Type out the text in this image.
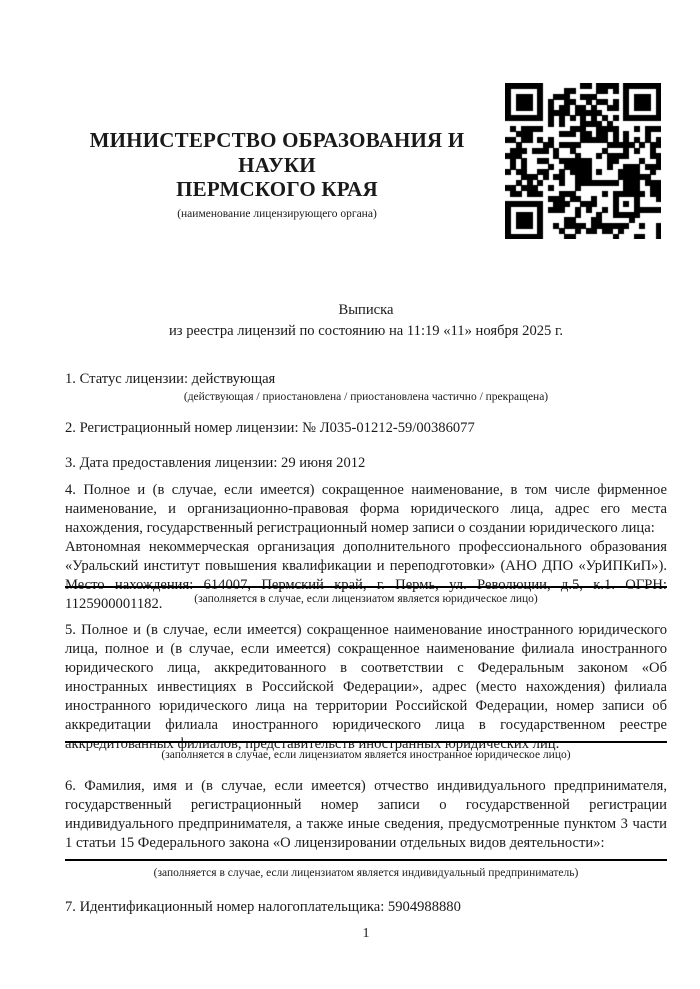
МИНИСТЕРСТВО ОБРАЗОВАНИЯ И НАУКИ
ПЕРМСКОГО КРАЯ
(наименование лицензирующего органа)
Выписка
из реестра лицензий по состоянию на 11:19 «11» ноября 2025 г.
1. Статус лицензии: действующая
(действующая / приостановлена / приостановлена частично / прекращена)
2. Регистрационный номер лицензии: № Л035-01212-59/00386077
3. Дата предоставления лицензии: 29 июня 2012
4. Полное и (в случае, если имеется) сокращенное наименование, в том числе фирменное наименование, и организационно-правовая форма юридического лица, адрес его места нахождения, государственный регистрационный номер записи о создании юридического лица:
Автономная некоммерческая организация дополнительного профессионального образования «Уральский институт повышения квалификации и переподготовки» (АНО ДПО «УрИПКиП»). Место нахождения: 614007, Пермский край, г. Пермь, ул. Революции, д.5, к.1. ОГРН: 1125900001182.	(заполняется в случае, если лицензиатом является юридическое лицо)
5. Полное и (в случае, если имеется) сокращенное наименование иностранного юридического лица, полное и (в случае, если имеется) сокращенное наименование филиала иностранного юридического лица, аккредитованного в соответствии с Федеральным законом «Об иностранных инвестициях в Российской Федерации», адрес (место нахождения) филиала иностранного юридического лица на территории Российской Федерации, номер записи об аккредитации филиала иностранного юридического лица в государственном реестре аккредитованных филиалов, представительств иностранных юридических лиц:
(заполняется в случае, если лицензиатом является иностранное юридическое лицо)
6. Фамилия, имя и (в случае, если имеется) отчество индивидуального предпринимателя, государственный регистрационный номер записи о государственной регистрации индивидуального предпринимателя, а также иные сведения, предусмотренные пунктом 3 части 1 статьи 15 Федерального закона «О лицензировании отдельных видов деятельности»:
(заполняется в случае, если лицензиатом является индивидуальный предприниматель)
7. Идентификационный номер налогоплательщика: 5904988880
1
